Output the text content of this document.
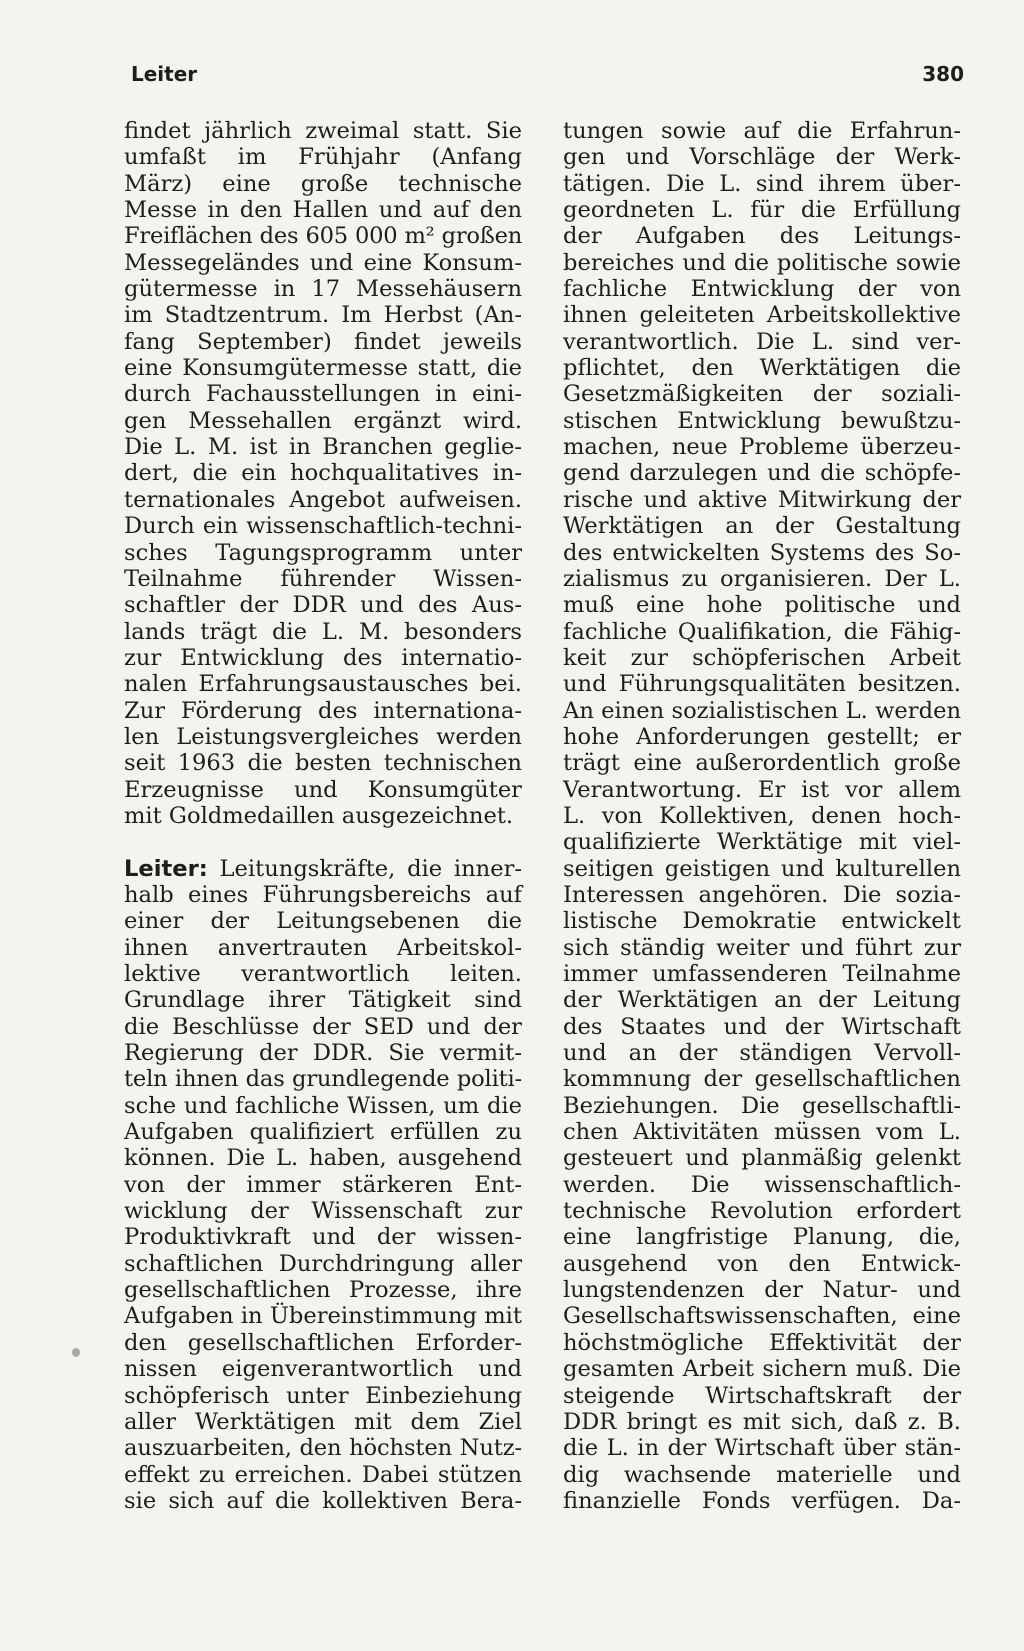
Leiter	380
findet jährlich zweimal statt. Sie
umfaßt im Frühjahr (Anfang
März) eine große technische
Messe in den Hallen und auf den
Freiflächen des 605 000 m² großen
Messegeländes und eine Konsum-
gütermesse in 17 Messehäusern
im Stadtzentrum. Im Herbst (An-
fang September) findet jeweils
eine Konsumgütermesse statt, die
durch Fachausstellungen in eini-
gen Messehallen ergänzt wird.
Die L. M. ist in Branchen geglie-
dert, die ein hochqualitatives in-
ternationales Angebot aufweisen.
Durch ein wissenschaftlich-techni-
sches Tagungsprogramm unter
Teilnahme führender Wissen-
schaftler der DDR und des Aus-
lands trägt die L. M. besonders
zur Entwicklung des internatio-
nalen Erfahrungsaustausches bei.
Zur Förderung des internationa-
len Leistungsvergleiches werden
seit 1963 die besten technischen
Erzeugnisse und Konsumgüter
mit Goldmedaillen ausgezeichnet.
Leiter: Leitungskräfte, die inner-
halb eines Führungsbereichs auf
einer der Leitungsebenen die
ihnen anvertrauten Arbeitskol-
lektive verantwortlich leiten.
Grundlage ihrer Tätigkeit sind
die Beschlüsse der SED und der
Regierung der DDR. Sie vermit-
teln ihnen das grundlegende politi-
sche und fachliche Wissen, um die
Aufgaben qualifiziert erfüllen zu
können. Die L. haben, ausgehend
von der immer stärkeren Ent-
wicklung der Wissenschaft zur
Produktivkraft und der wissen-
schaftlichen Durchdringung aller
gesellschaftlichen Prozesse, ihre
Aufgaben in Übereinstimmung mit
den gesellschaftlichen Erforder-
nissen eigenverantwortlich und
schöpferisch unter Einbeziehung
aller Werktätigen mit dem Ziel
auszuarbeiten, den höchsten Nutz-
effekt zu erreichen. Dabei stützen
sie sich auf die kollektiven Bera-
tungen sowie auf die Erfahrun-
gen und Vorschläge der Werk-
tätigen. Die L. sind ihrem über-
geordneten L. für die Erfüllung
der Aufgaben des Leitungs-
bereiches und die politische sowie
fachliche Entwicklung der von
ihnen geleiteten Arbeitskollektive
verantwortlich. Die L. sind ver-
pflichtet, den Werktätigen die
Gesetzmäßigkeiten der soziali-
stischen Entwicklung bewußtzu-
machen, neue Probleme überzeu-
gend darzulegen und die schöpfe-
rische und aktive Mitwirkung der
Werktätigen an der Gestaltung
des entwickelten Systems des So-
zialismus zu organisieren. Der L.
muß eine hohe politische und
fachliche Qualifikation, die Fähig-
keit zur schöpferischen Arbeit
und Führungsqualitäten besitzen.
An einen sozialistischen L. werden
hohe Anforderungen gestellt; er
trägt eine außerordentlich große
Verantwortung. Er ist vor allem
L. von Kollektiven, denen hoch-
qualifizierte Werktätige mit viel-
seitigen geistigen und kulturellen
Interessen angehören. Die sozia-
listische Demokratie entwickelt
sich ständig weiter und führt zur
immer umfassenderen Teilnahme
der Werktätigen an der Leitung
des Staates und der Wirtschaft
und an der ständigen Vervoll-
kommnung der gesellschaftlichen
Beziehungen. Die gesellschaftli-
chen Aktivitäten müssen vom L.
gesteuert und planmäßig gelenkt
werden. Die wissenschaftlich-
technische Revolution erfordert
eine langfristige Planung, die,
ausgehend von den Entwick-
lungstendenzen der Natur- und
Gesellschaftswissenschaften, eine
höchstmögliche Effektivität der
gesamten Arbeit sichern muß. Die
steigende Wirtschaftskraft der
DDR bringt es mit sich, daß z. B.
die L. in der Wirtschaft über stän-
dig wachsende materielle und
finanzielle Fonds verfügen. Da-
